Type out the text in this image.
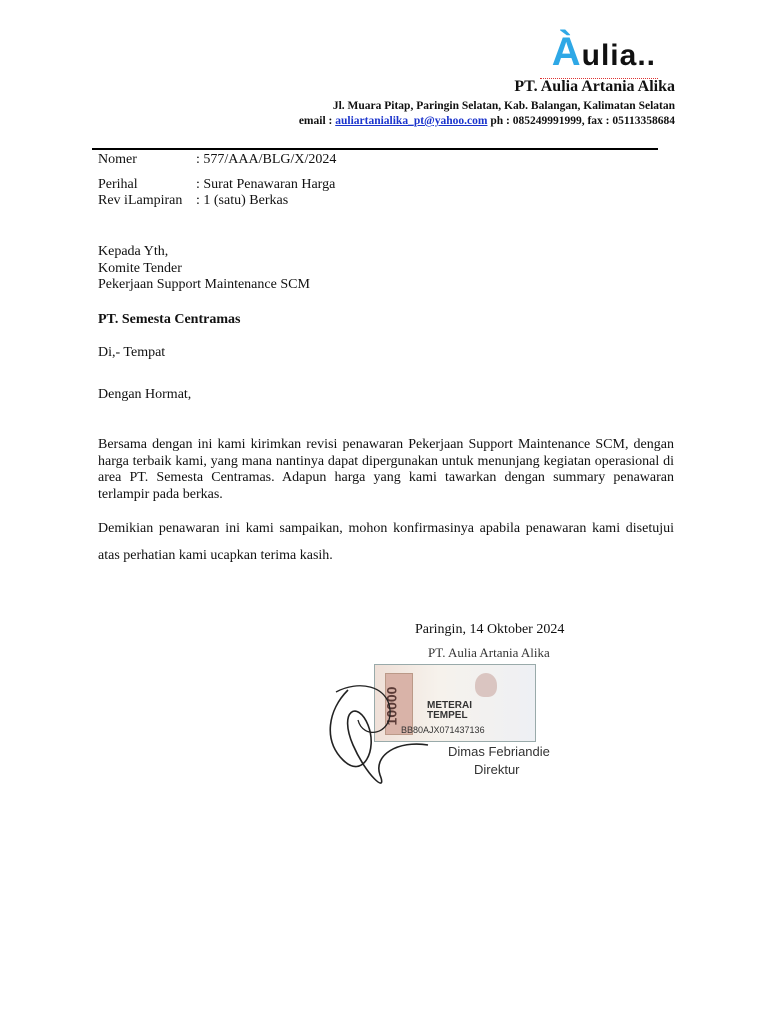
Àulia..
PT. Aulia Artania Alika
Jl. Muara Pitap, Paringin Selatan, Kab. Balangan, Kalimatan Selatan
email : auliartanialika_pt@yahoo.com ph : 085249991999, fax : 05113358684
Nomer	: 577/AAA/BLG/X/2024
Perihal	: Surat Penawaran Harga
Rev iLampiran : 1 (satu) Berkas
Kepada Yth,
Komite Tender
Pekerjaan Support Maintenance SCM
PT. Semesta Centramas
Di,- Tempat
Dengan Hormat,
Bersama dengan ini kami kirimkan revisi penawaran Pekerjaan Support Maintenance SCM, dengan harga terbaik kami, yang mana nantinya dapat dipergunakan untuk menunjang kegiatan operasional di area PT. Semesta Centramas. Adapun harga yang kami tawarkan dengan summary penawaran terlampir pada berkas.
Demikian penawaran ini kami sampaikan, mohon konfirmasinya apabila penawaran kami disetujui atas perhatian kami ucapkan terima kasih.
Paringin, 14 Oktober 2024
PT. Aulia Artania Alika
10000	METERAI TEMPEL
BB80AJX071437136
Dimas Febriandie
Direktur
